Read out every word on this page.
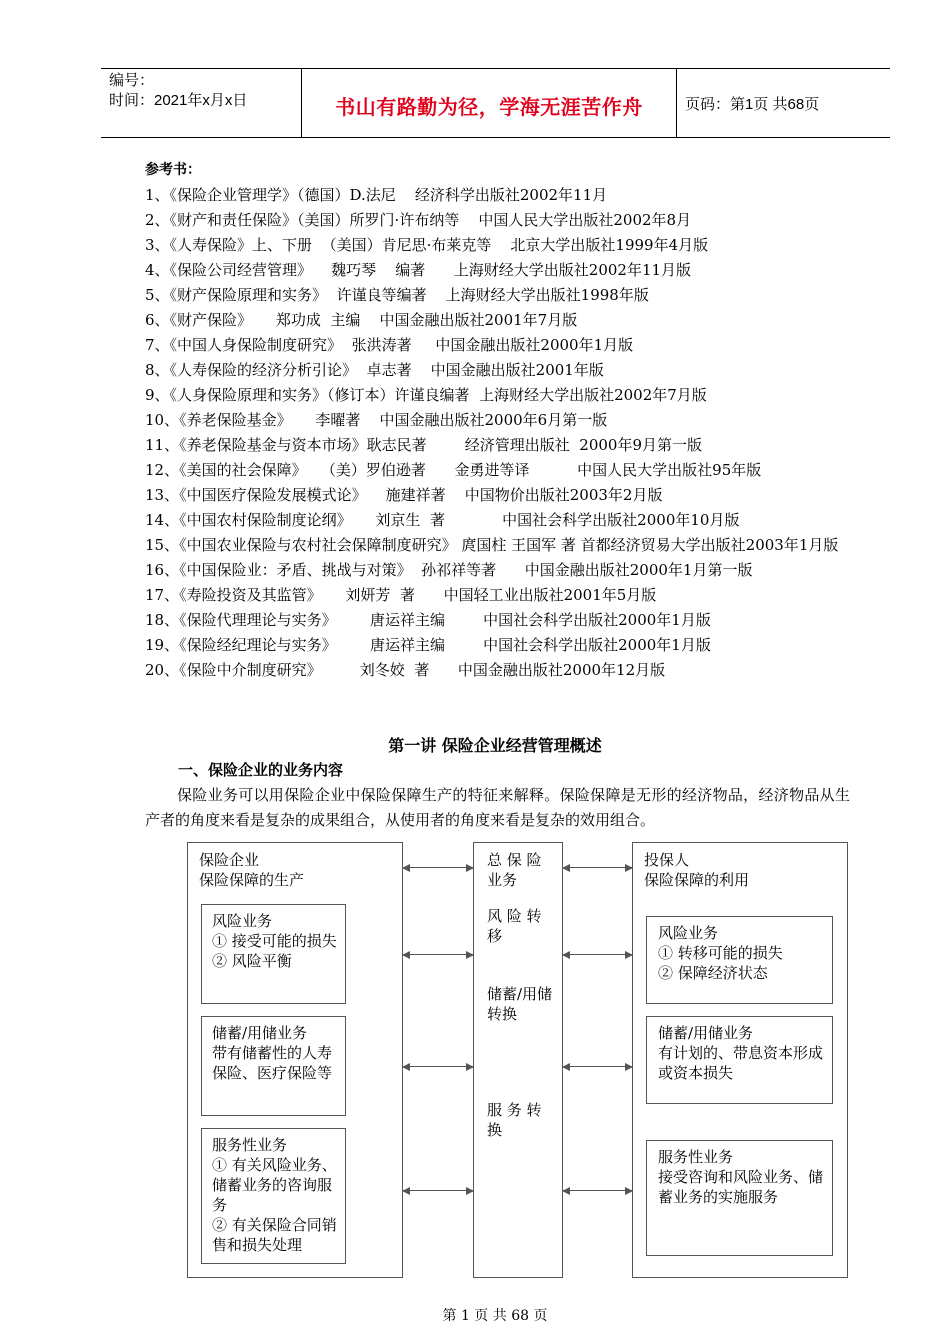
编号：
时间：2021年x月x日	书山有路勤为径，学海无涯苦作舟	页码：第1页 共68页

参考书：

1、《保险企业管理学》（德国）D.法尼    经济科学出版社2002年11月

2、《财产和责任保险》（美国）所罗门·许布纳等    中国人民大学出版社2002年8月

3、《人寿保险》上、下册  （美国）肯尼思·布莱克等    北京大学出版社1999年4月版

4、《保险公司经营管理》    魏巧琴    编著      上海财经大学出版社2002年11月版

5、《财产保险原理和实务》  许谨良等编著    上海财经大学出版社1998年版

6、《财产保险》     郑功成  主编    中国金融出版社2001年7月版

7、《中国人身保险制度研究》  张洪涛著     中国金融出版社2000年1月版

8、《人寿保险的经济分析引论》  卓志著    中国金融出版社2001年版

9、《人身保险原理和实务》（修订本）许谨良编著  上海财经大学出版社2002年7月版

10、《养老保险基金》     李曜著    中国金融出版社2000年6月第一版

11、《养老保险基金与资本市场》耿志民著        经济管理出版社  2000年9月第一版

12、《美国的社会保障》   （美）罗伯逊著      金勇进等译          中国人民大学出版社95年版

13、《中国医疗保险发展模式论》    施建祥著    中国物价出版社2003年2月版

14、《中国农村保险制度论纲》     刘京生  著            中国社会科学出版社2000年10月版

15、《中国农业保险与农村社会保障制度研究》 庹国柱 王国军 著 首都经济贸易大学出版社2003年1月版

16、《中国保险业：矛盾、挑战与对策》  孙祁祥等著      中国金融出版社2000年1月第一版

17、《寿险投资及其监管》     刘妍芳  著      中国轻工业出版社2001年5月版

18、《保险代理理论与实务》       唐运祥主编        中国社会科学出版社2000年1月版

19、《保险经纪理论与实务》       唐运祥主编        中国社会科学出版社2000年1月版

20、《保险中介制度研究》        刘冬姣  著      中国金融出版社2000年12月版

第一讲 保险企业经营管理概述
一、保险企业的业务内容
保险业务可以用保险企业中保险保障生产的特征来解释。保险保障是无形的经济物品，经济物品从生产者的角度来看是复杂的成果组合，从使用者的角度来看是复杂的效用组合。
保险企业
保险保障的生产
风险业务
① 接受可能的损失
② 风险平衡
储蓄/用储业务
带有储蓄性的人寿保险、医疗保险等
服务性业务
① 有关风险业务、储蓄业务的咨询服务
② 有关保险合同销售和损失处理
总 保 险 业务
风 险 转 移
储蓄/用储转换
服 务 转 换
投保人
保险保障的利用
风险业务
① 转移可能的损失
② 保障经济状态
储蓄/用储业务
有计划的、带息资本形成或资本损失
服务性业务
接受咨询和风险业务、储蓄业务的实施服务
第 1 页 共 68 页
